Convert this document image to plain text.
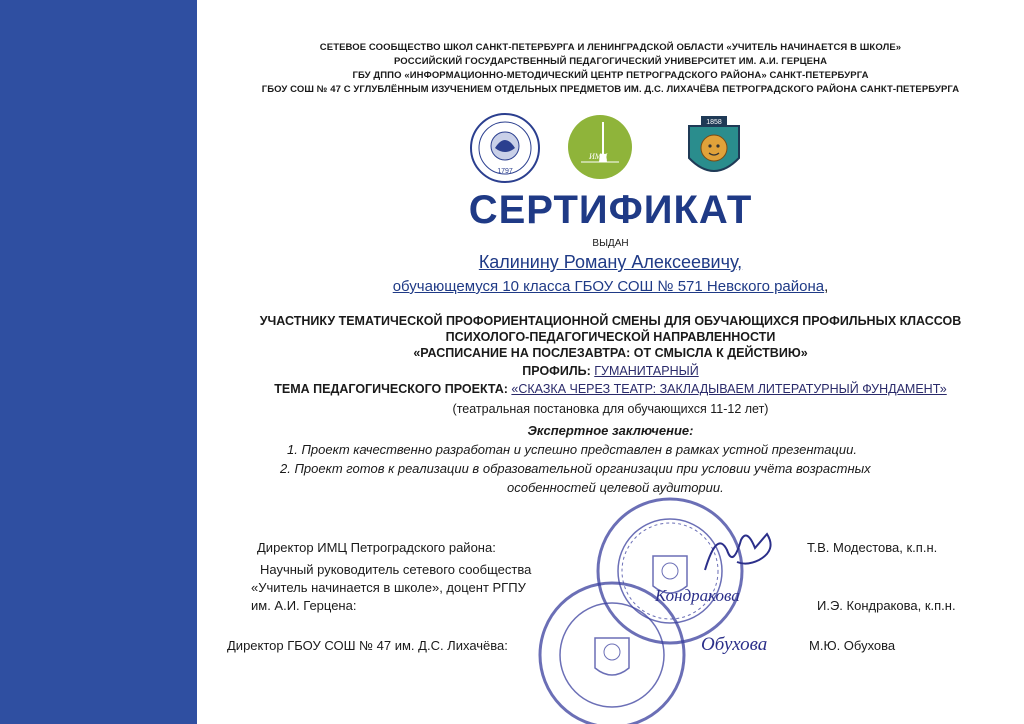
СЕТЕВОЕ СООБЩЕСТВО ШКОЛ САНКТ-ПЕТЕРБУРГА И ЛЕНИНГРАДСКОЙ ОБЛАСТИ «УЧИТЕЛЬ НАЧИНАЕТСЯ В ШКОЛЕ»
РОССИЙСКИЙ ГОСУДАРСТВЕННЫЙ ПЕДАГОГИЧЕСКИЙ УНИВЕРСИТЕТ ИМ. А.И. ГЕРЦЕНА
ГБУ ДППО «ИНФОРМАЦИОННО-МЕТОДИЧЕСКИЙ ЦЕНТР ПЕТРОГРАДСКОГО РАЙОНА» САНКТ-ПЕТЕРБУРГА
ГБОУ СОШ № 47 С УГЛУБЛЁННЫМ ИЗУЧЕНИЕМ ОТДЕЛЬНЫХ ПРЕДМЕТОВ ИМ. Д.С. ЛИХАЧЁВА ПЕТРОГРАДСКОГО РАЙОНА САНКТ-ПЕТЕРБУРГА
1797
ИМЦ
1858
СЕРТИФИКАТ
ВЫДАН
Калинину Роману Алексеевичу,
обучающемуся 10 класса ГБОУ СОШ № 571 Невского района,
УЧАСТНИКУ ТЕМАТИЧЕСКОЙ ПРОФОРИЕНТАЦИОННОЙ СМЕНЫ ДЛЯ ОБУЧАЮЩИХСЯ ПРОФИЛЬНЫХ КЛАССОВ
ПСИХОЛОГО-ПЕДАГОГИЧЕСКОЙ НАПРАВЛЕННОСТИ
«РАСПИСАНИЕ НА ПОСЛЕЗАВТРА: ОТ СМЫСЛА К ДЕЙСТВИЮ»
ПРОФИЛЬ: ГУМАНИТАРНЫЙ
ТЕМА ПЕДАГОГИЧЕСКОГО ПРОЕКТА: «СКАЗКА ЧЕРЕЗ ТЕАТР: ЗАКЛАДЫВАЕМ ЛИТЕРАТУРНЫЙ ФУНДАМЕНТ»
(театральная постановка для обучающихся 11-12 лет)
Экспертное заключение:
1. Проект качественно разработан и успешно представлен в рамках устной презентации.
2. Проект готов к реализации в образовательной организации при условии учёта возрастных
особенностей целевой аудитории.
Кондракова
Обухова
Директор ИМЦ Петроградского района:	Т.В. Модестова, к.п.н.
Научный руководитель сетевого сообщества
«Учитель начинается в школе», доцент РГПУ
им. А.И. Герцена:	И.Э. Кондракова, к.п.н.
Директор ГБОУ СОШ № 47 им. Д.С. Лихачёва:	М.Ю. Обухова
